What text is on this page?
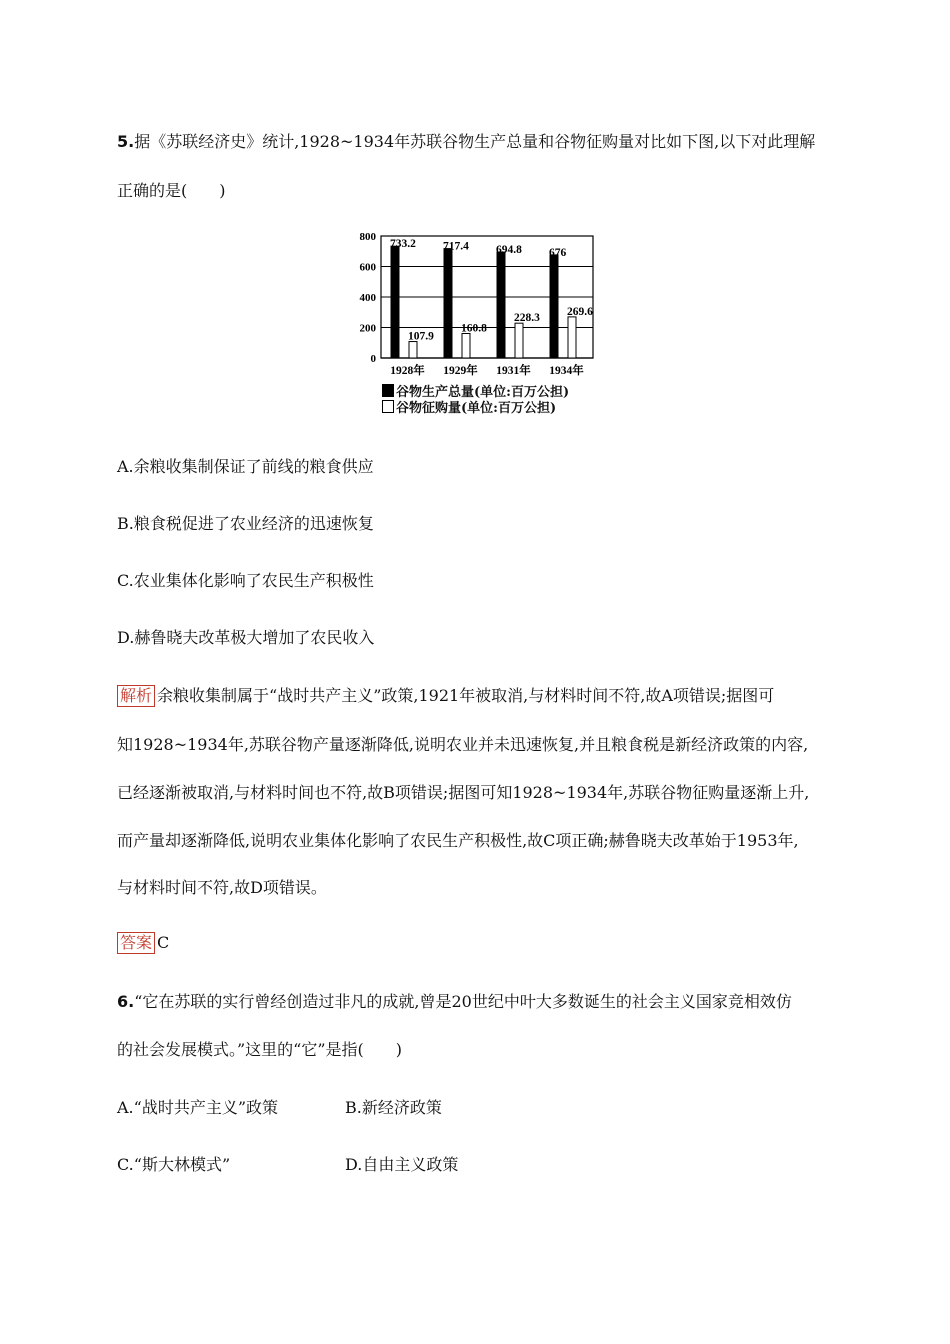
5.据《苏联经济史》统计,1928~1934年苏联谷物生产总量和谷物征购量对比如下图,以下对此理解
正确的是(　　)
0
200
400
600
800
733.2
107.9
1928年
717.4
160.8
1929年
694.8
228.3
1931年
676
269.6
1934年
谷物生产总量(单位:百万公担)
谷物征购量(单位:百万公担)
A.余粮收集制保证了前线的粮食供应
B.粮食税促进了农业经济的迅速恢复
C.农业集体化影响了农民生产积极性
D.赫鲁晓夫改革极大增加了农民收入
解析 余粮收集制属于“战时共产主义”政策,1921年被取消,与材料时间不符,故A项错误;据图可
知1928~1934年,苏联谷物产量逐渐降低,说明农业并未迅速恢复,并且粮食税是新经济政策的内容,
已经逐渐被取消,与材料时间也不符,故B项错误;据图可知1928~1934年,苏联谷物征购量逐渐上升,
而产量却逐渐降低,说明农业集体化影响了农民生产积极性,故C项正确;赫鲁晓夫改革始于1953年,
与材料时间不符,故D项错误。
答案 C
6.“它在苏联的实行曾经创造过非凡的成就,曾是20世纪中叶大多数诞生的社会主义国家竞相效仿
的社会发展模式。”这里的“它”是指(　　)
A.“战时共产主义”政策	B.新经济政策
C.“斯大林模式”	D.自由主义政策
